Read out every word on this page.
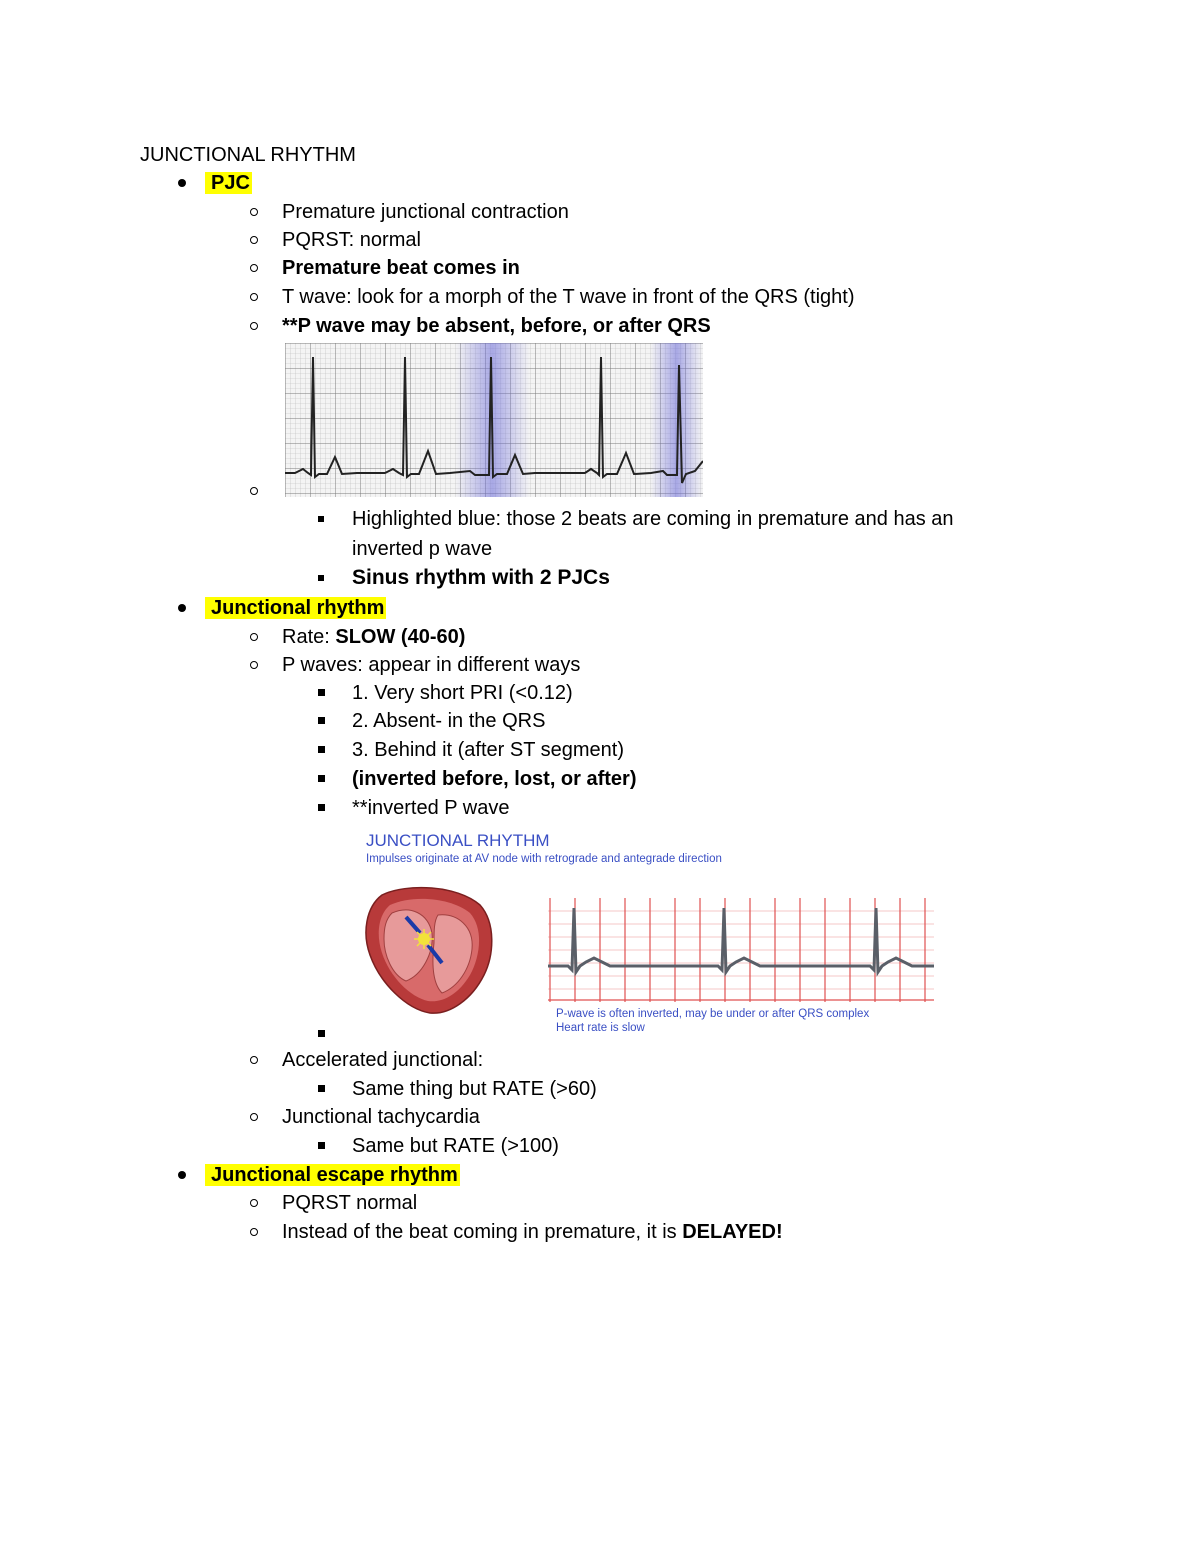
JUNCTIONAL RHYTHM
PJC
Premature junctional contraction
PQRST: normal
Premature beat comes in
T wave: look for a morph of the T wave in front of the QRS (tight)
**P wave may be absent, before, or after QRS
Highlighted blue: those 2 beats are coming in premature and has an
inverted p wave
Sinus rhythm with 2 PJCs
Junctional rhythm
Rate: SLOW (40-60)
P waves: appear in different ways
1. Very short PRI (<0.12)
2. Absent- in the QRS
3. Behind it (after ST segment)
(inverted before, lost, or after)
**inverted P wave
JUNCTIONAL RHYTHM
Impulses originate at AV node with retrograde and antegrade direction
P-wave is often inverted, may be under or after QRS complex
Heart rate is slow
Accelerated junctional:
Same thing but RATE (>60)
Junctional tachycardia
Same but RATE (>100)
Junctional escape rhythm
PQRST normal
Instead of the beat coming in premature, it is DELAYED!
